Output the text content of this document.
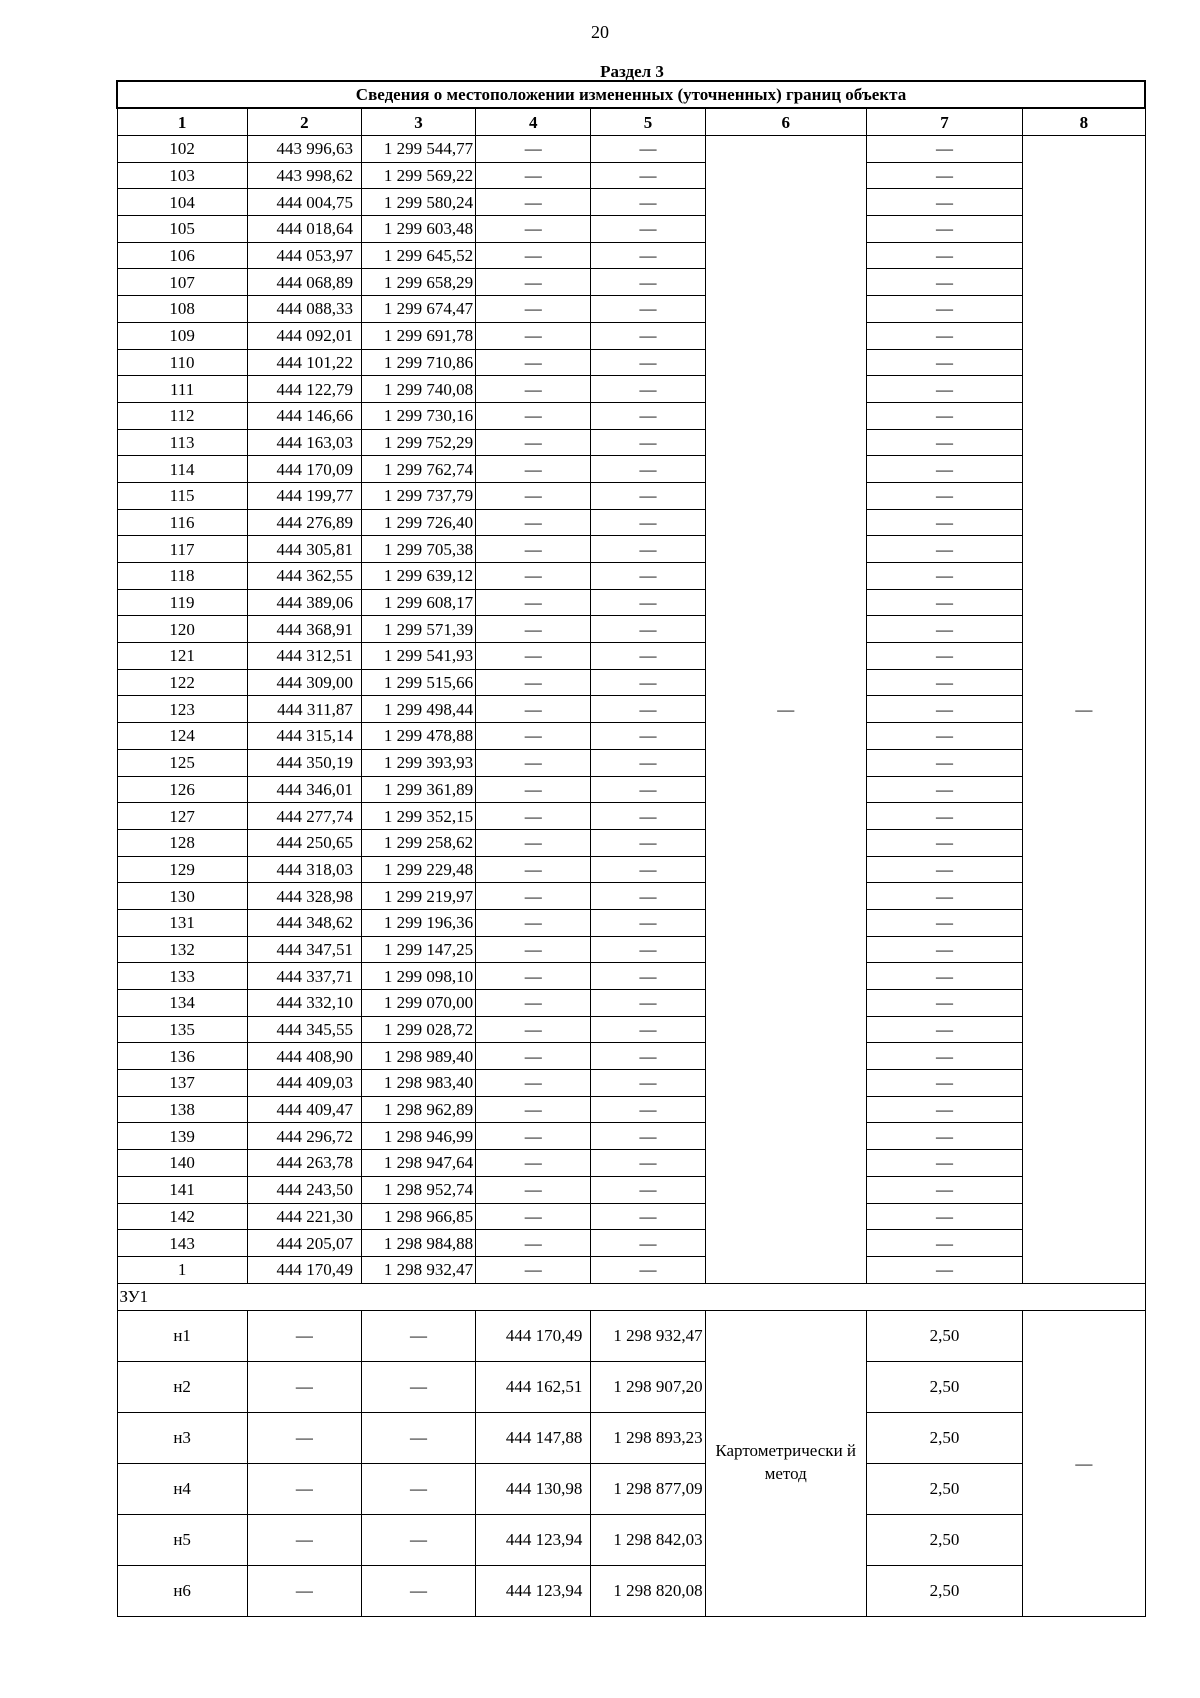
20
Раздел 3
Сведения о местоположении измененных (уточненных) границ объекта							
1	2	3	4	5	6	7	8
102	443 996,63	1 299 544,77	—	—	—	—	—
103	443 998,62	1 299 569,22	—	—		—	
104	444 004,75	1 299 580,24	—	—		—	
105	444 018,64	1 299 603,48	—	—		—	
106	444 053,97	1 299 645,52	—	—		—	
107	444 068,89	1 299 658,29	—	—		—	
108	444 088,33	1 299 674,47	—	—		—	
109	444 092,01	1 299 691,78	—	—		—	
110	444 101,22	1 299 710,86	—	—		—	
111	444 122,79	1 299 740,08	—	—		—	
112	444 146,66	1 299 730,16	—	—		—	
113	444 163,03	1 299 752,29	—	—		—	
114	444 170,09	1 299 762,74	—	—		—	
115	444 199,77	1 299 737,79	—	—		—	
116	444 276,89	1 299 726,40	—	—		—	
117	444 305,81	1 299 705,38	—	—		—	
118	444 362,55	1 299 639,12	—	—		—	
119	444 389,06	1 299 608,17	—	—		—	
120	444 368,91	1 299 571,39	—	—		—	
121	444 312,51	1 299 541,93	—	—		—	
122	444 309,00	1 299 515,66	—	—		—	
123	444 311,87	1 299 498,44	—	—		—	
124	444 315,14	1 299 478,88	—	—		—	
125	444 350,19	1 299 393,93	—	—		—	
126	444 346,01	1 299 361,89	—	—		—	
127	444 277,74	1 299 352,15	—	—		—	
128	444 250,65	1 299 258,62	—	—		—	
129	444 318,03	1 299 229,48	—	—		—	
130	444 328,98	1 299 219,97	—	—		—	
131	444 348,62	1 299 196,36	—	—		—	
132	444 347,51	1 299 147,25	—	—		—	
133	444 337,71	1 299 098,10	—	—		—	
134	444 332,10	1 299 070,00	—	—		—	
135	444 345,55	1 299 028,72	—	—		—	
136	444 408,90	1 298 989,40	—	—		—	
137	444 409,03	1 298 983,40	—	—		—	
138	444 409,47	1 298 962,89	—	—		—	
139	444 296,72	1 298 946,99	—	—		—	
140	444 263,78	1 298 947,64	—	—		—	
141	444 243,50	1 298 952,74	—	—		—	
142	444 221,30	1 298 966,85	—	—		—	
143	444 205,07	1 298 984,88	—	—		—	
1	444 170,49	1 298 932,47	—	—		—	
ЗУ1							
н1	—	—	444 170,49	1 298 932,47	Картометрически й метод	2,50	—
н2	—	—	444 162,51	1 298 907,20		2,50	
н3	—	—	444 147,88	1 298 893,23		2,50	
н4	—	—	444 130,98	1 298 877,09		2,50	
н5	—	—	444 123,94	1 298 842,03		2,50	
н6	—	—	444 123,94	1 298 820,08		2,50	
